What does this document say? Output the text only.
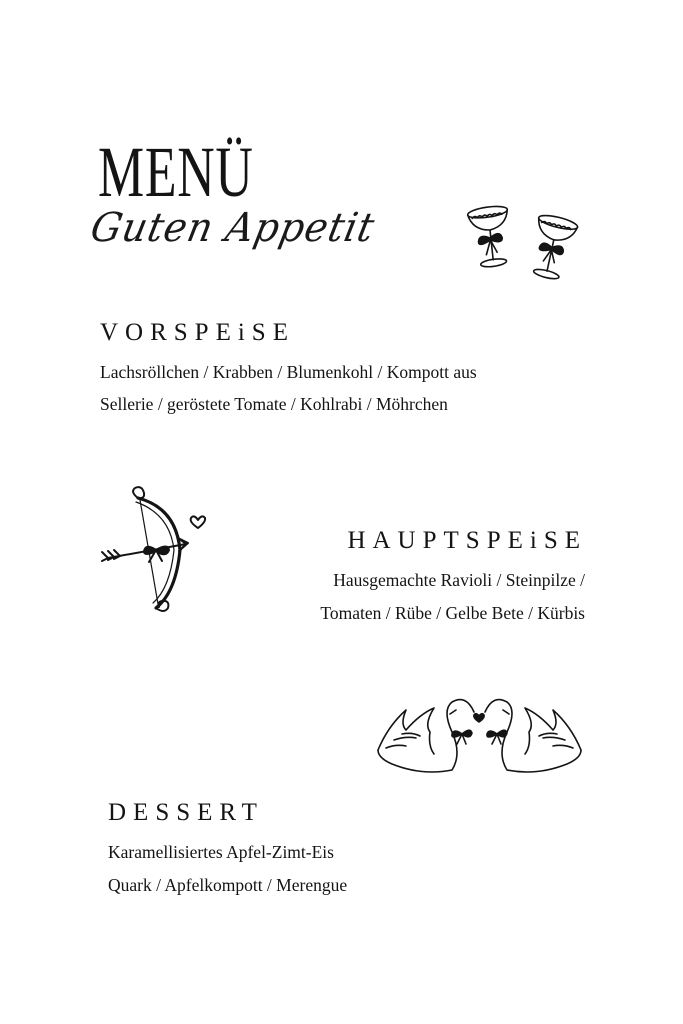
MENÜ
Guten Appetit
VORSPEiSE
Lachsröllchen / Krabben / Blumenkohl / Kompott aus
Sellerie / geröstete Tomate / Kohlrabi / Möhrchen
HAUPTSPEiSE
Hausgemachte Ravioli / Steinpilze /
Tomaten / Rübe / Gelbe Bete / Kürbis
DESSERT
Karamellisiertes Apfel-Zimt-Eis
Quark / Apfelkompott / Merengue
